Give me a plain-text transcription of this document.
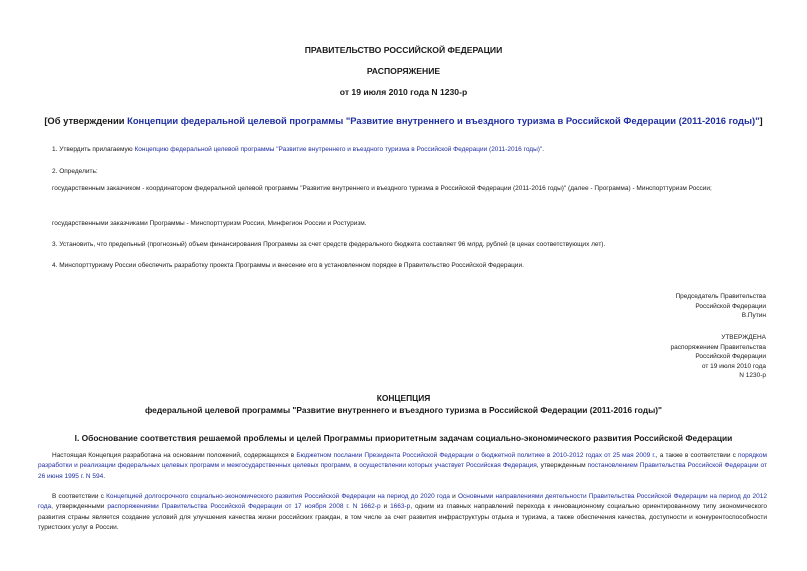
ПРАВИТЕЛЬСТВО РОССИЙСКОЙ ФЕДЕРАЦИИ
РАСПОРЯЖЕНИЕ
от 19 июля 2010 года N 1230-р
[Об утверждении Концепции федеральной целевой программы "Развитие внутреннего и въездного туризма в Российской Федерации (2011-2016 годы)"]
1. Утвердить прилагаемую Концепцию федеральной целевой программы "Развитие внутреннего и въездного туризма в Российской Федерации (2011-2016 годы)".
2. Определить:
государственным заказчиком - координатором федеральной целевой программы "Развитие внутреннего и въездного туризма в Российской Федерации (2011-2016 годы)" (далее - Программа) - Минспорттуризм России;
государственными заказчиками Программы - Минспорттуризм России, Минфегион России и Ростуризм.
3. Установить, что предельный (прогнозный) объем финансирования Программы за счет средств федерального бюджета составляет 96 млрд. рублей (в ценах соответствующих лет).
4. Минспорттуризму России обеспечить разработку проекта Программы и внесение его в установленном порядке в Правительство Российской Федерации.
Председатель Правительства
Российской Федерации
В.Путин
УТВЕРЖДЕНА
распоряжением Правительства
Российской Федерации
от 19 июля 2010 года
N 1230-р
КОНЦЕПЦИЯ
федеральной целевой программы "Развитие внутреннего и въездного туризма в Российской Федерации (2011-2016 годы)"
I. Обоснование соответствия решаемой проблемы и целей Программы приоритетным задачам социально-экономического развития Российской Федерации
Настоящая Концепция разработана на основании положений, содержащихся в Бюджетном послании Президента Российской Федерации о бюджетной политике в 2010-2012 годах от 25 мая 2009 г., а также в соответствии с порядком разработки и реализации федеральных целевых программ и межгосударственных целевых программ, в осуществлении которых участвует Российская Федерация, утвержденным постановлением Правительства Российской Федерации от 26 июня 1995 г. N 594.
В соответствии с Концепцией долгосрочного социально-экономического развития Российской Федерации на период до 2020 года и Основными направлениями деятельности Правительства Российской Федерации на период до 2012 года, утвержденными распоряжениями Правительства Российской Федерации от 17 ноября 2008 г. N 1662-р и 1663-р, одним из главных направлений перехода к инновационному социально ориентированному типу экономического развития страны является создание условий для улучшения качества жизни российских граждан, в том числе за счет развития инфраструктуры отдыха и туризма, а также обеспечения качества, доступности и конкурентоспособности туристских услуг в России.
